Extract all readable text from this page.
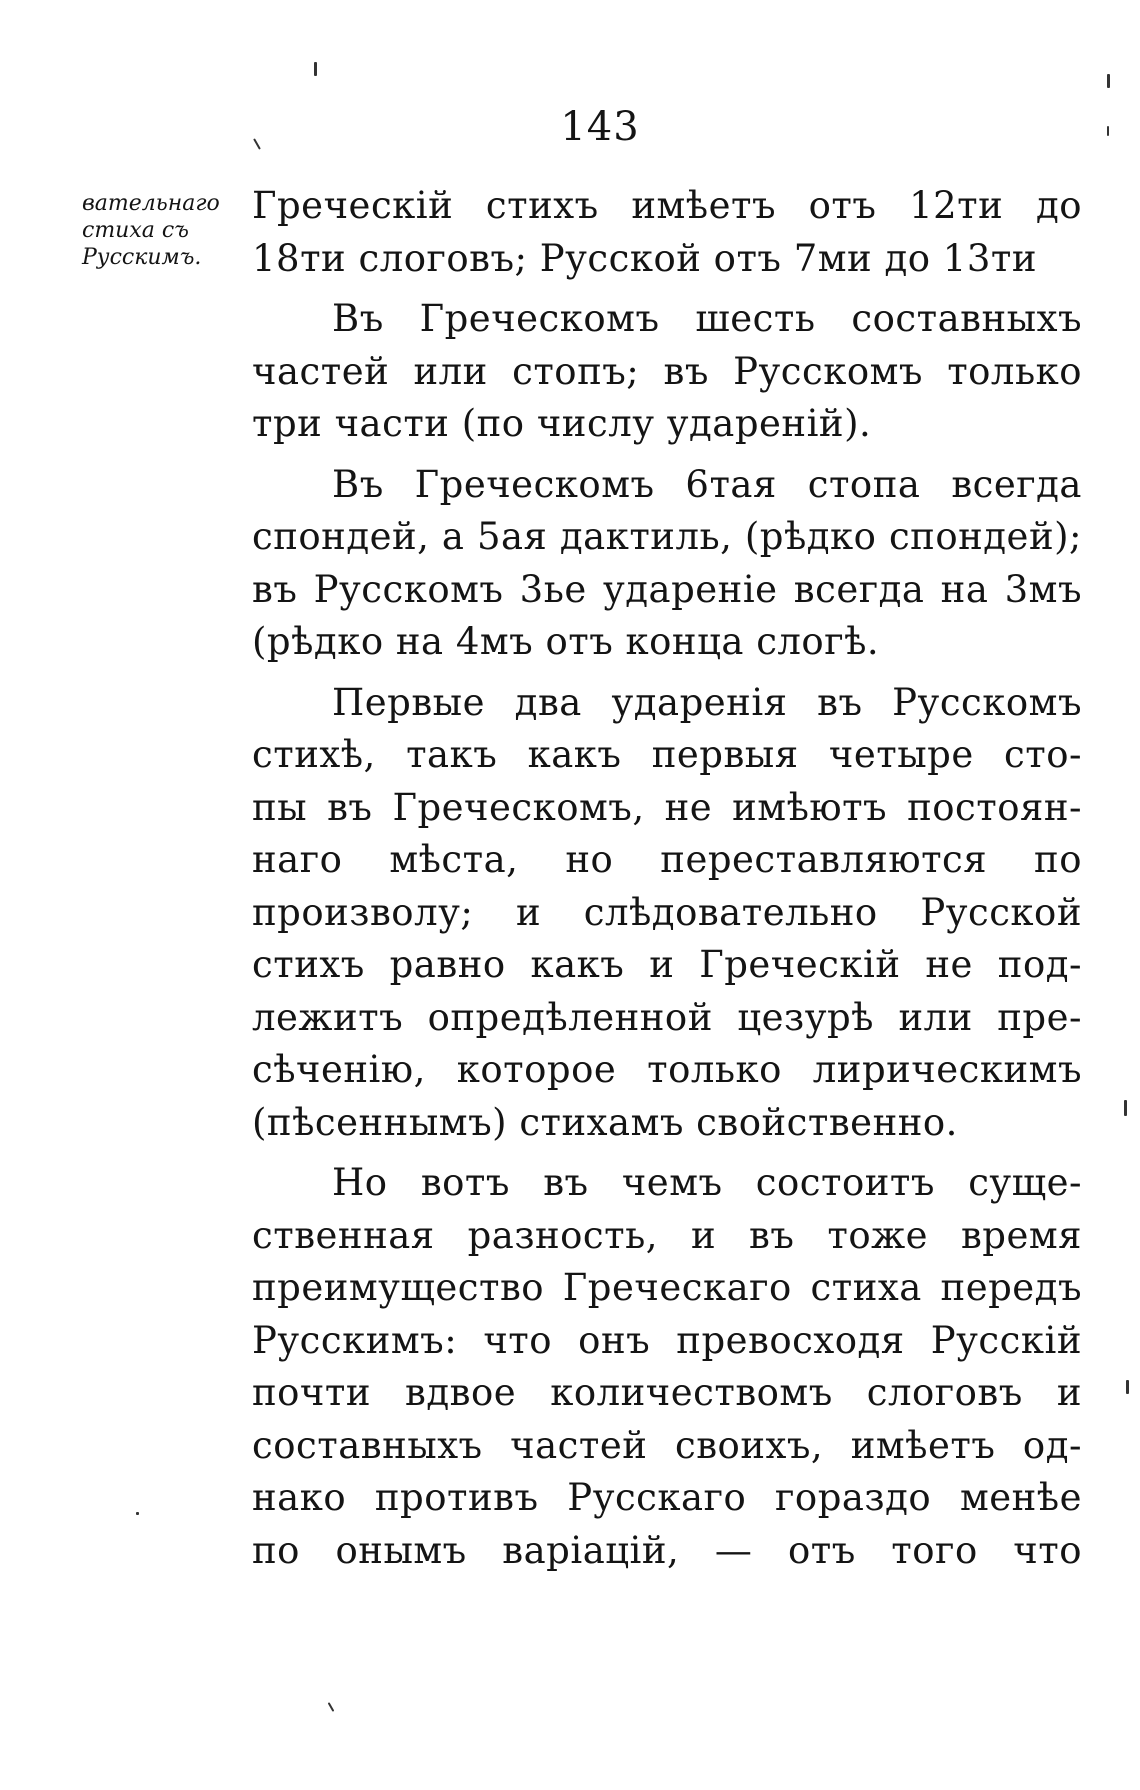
143
вательнаго
стиха съ
Русскимъ.
Греческій стихъ имѣетъ отъ 12ти до
18ти слоговъ; Русской отъ 7ми до 13ти
Въ Греческомъ шесть составныхъ
частей или стопъ; въ Русскомъ только
три части (по числу удареній).
Въ Греческомъ 6тая стопа всегда
спондей, а 5ая дактиль, (рѣдко спондей);
въ Русскомъ 3ье удареніе всегда на 3мъ
(рѣдко на 4мъ отъ конца слогѣ.
Первые два ударенія въ Русскомъ
стихѣ, такъ какъ первыя четыре сто-
пы въ Греческомъ, не имѣютъ постоян-
наго мѣста, но переставляются по
произволу; и слѣдовательно Русской
стихъ равно какъ и Греческій не под-
лежитъ опредѣленной цезурѣ или пре-
сѣченію, которое только лирическимъ
(пѣсеннымъ) стихамъ свойственно.
Но вотъ въ чемъ состоитъ суще-
ственная разность, и въ тоже время
преимущество Греческаго стиха передъ
Русскимъ: что онъ превосходя Русскій
почти вдвое количествомъ слоговъ и
составныхъ частей своихъ, имѣетъ од-
нако противъ Русскаго гораздо менѣе
по онымъ варіацій, — отъ того что
